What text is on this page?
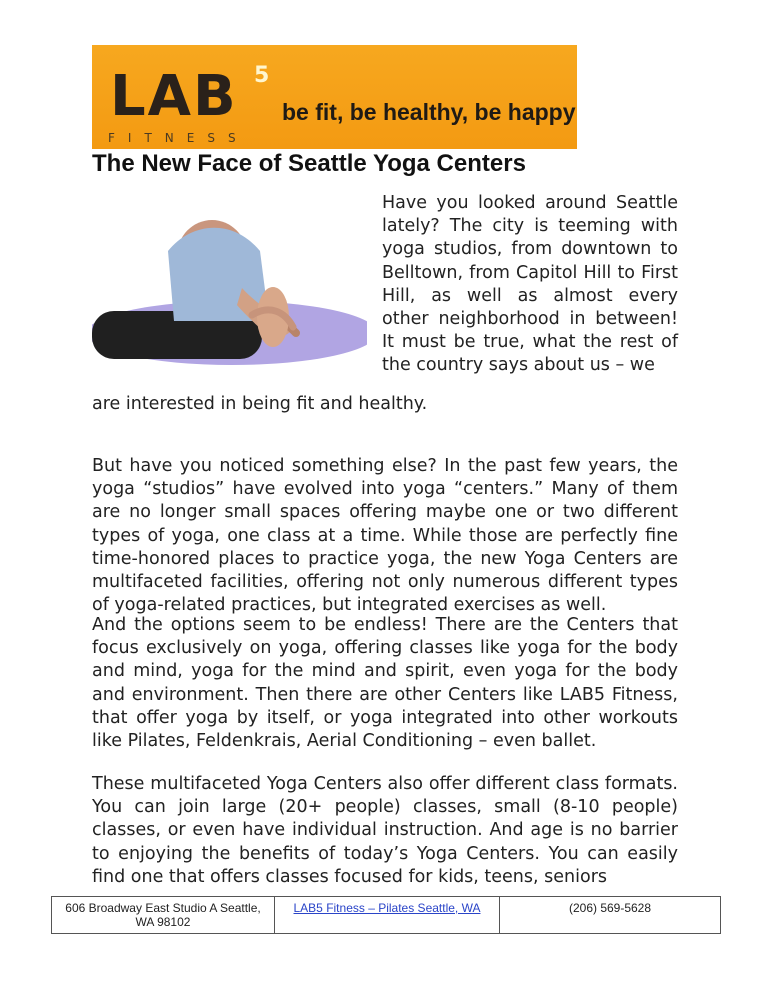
LAB 5
FITNESS
be fit, be healthy, be happy
The New Face of Seattle Yoga Centers
Have you looked around Seattle lately? The city is teeming with yoga studios, from downtown to Belltown, from Capitol Hill to First Hill, as well as almost every other neighborhood in between! It must be true, what the rest of the country says about us – we
are interested in being fit and healthy.
But have you noticed something else? In the past few years, the yoga “studios” have evolved into yoga “centers.” Many of them are no longer small spaces offering maybe one or two different types of yoga, one class at a time. While those are perfectly fine time-honored places to practice yoga, the new Yoga Centers are multifaceted facilities, offering not only numerous different types of yoga-related practices, but integrated exercises as well.
And the options seem to be endless! There are the Centers that focus exclusively on yoga, offering classes like yoga for the body and mind, yoga for the mind and spirit, even yoga for the body and environment. Then there are other Centers like LAB5 Fitness, that offer yoga by itself, or yoga integrated into other workouts like Pilates, Feldenkrais, Aerial Conditioning – even ballet.
These multifaceted Yoga Centers also offer different class formats. You can join large (20+ people) classes, small (8-10 people) classes, or even have individual instruction. And age is no barrier to enjoying the benefits of today’s Yoga Centers. You can easily find one that offers classes focused for kids, teens, seniors
606 Broadway East Studio A Seattle, WA 98102
LAB5 Fitness – Pilates Seattle, WA	(206) 569-5628
